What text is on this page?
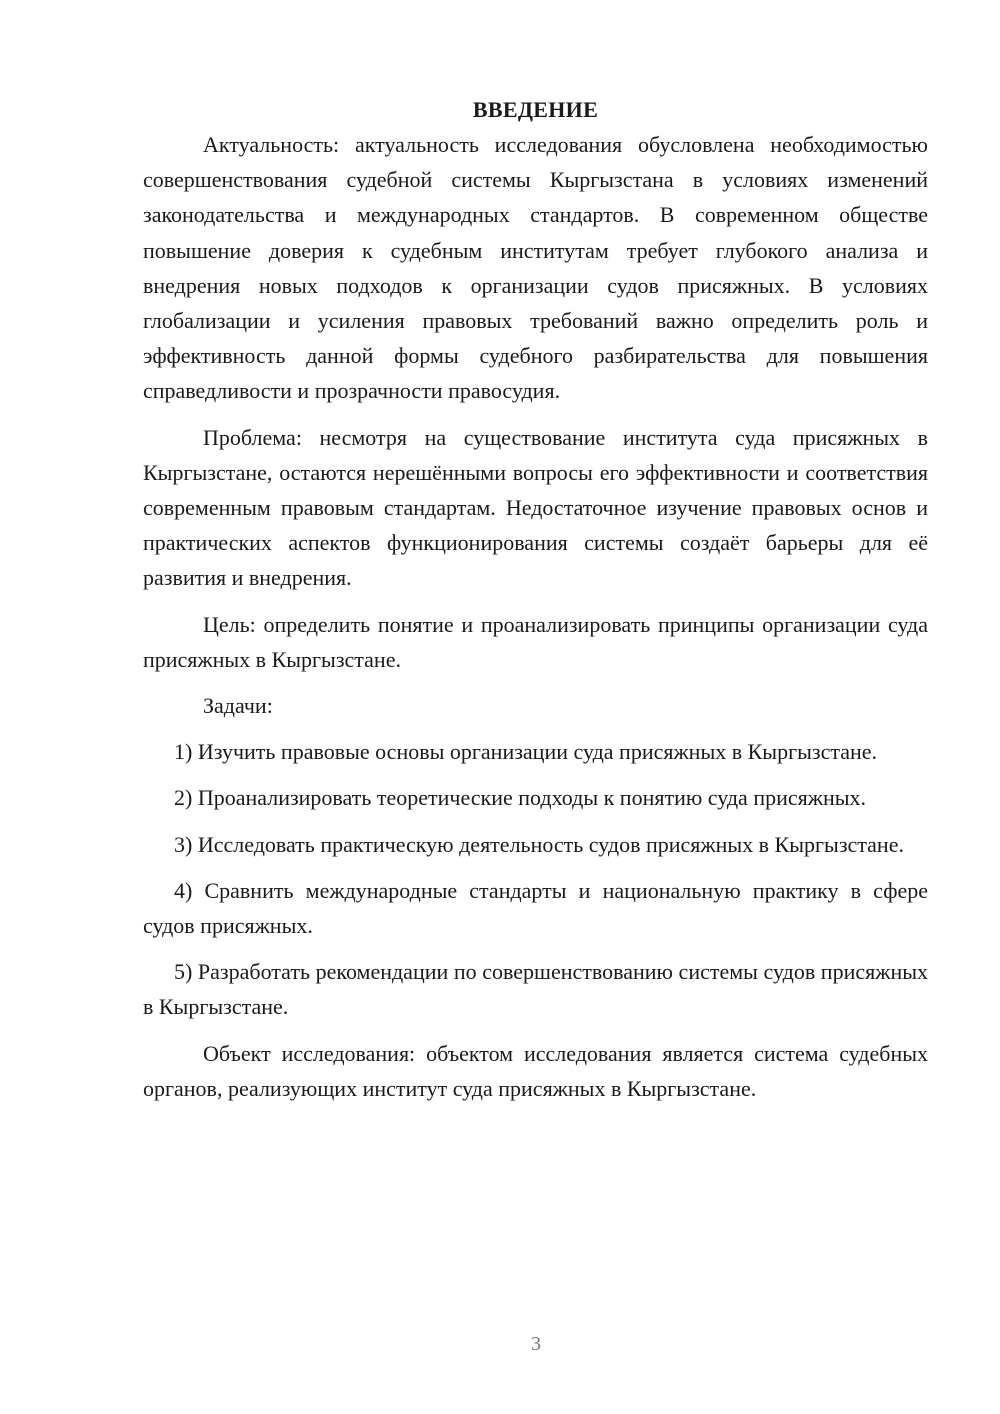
ВВЕДЕНИЕ

Актуальность: актуальность исследования обусловлена необходимостью совершенствования судебной системы Кыргызстана в условиях изменений законодательства и международных стандартов. В современном обществе повышение доверия к судебным институтам требует глубокого анализа и внедрения новых подходов к организации судов присяжных. В условиях глобализации и усиления правовых требований важно определить роль и эффективность данной формы судебного разбирательства для повышения справедливости и прозрачности правосудия.

Проблема: несмотря на существование института суда присяжных в Кыргызстане, остаются нерешёнными вопросы его эффективности и соответствия современным правовым стандартам. Недостаточное изучение правовых основ и практических аспектов функционирования системы создаёт барьеры для её развития и внедрения.

Цель: определить понятие и проанализировать принципы организации суда присяжных в Кыргызстане.

Задачи:

1) Изучить правовые основы организации суда присяжных в Кыргызстане.

2) Проанализировать теоретические подходы к понятию суда присяжных.

3) Исследовать практическую деятельность судов присяжных в Кыргызстане.

4) Сравнить международные стандарты и национальную практику в сфере судов присяжных.

5) Разработать рекомендации по совершенствованию системы судов присяжных в Кыргызстане.

Объект исследования: объектом исследования является система судебных органов, реализующих институт суда присяжных в Кыргызстане.

3
